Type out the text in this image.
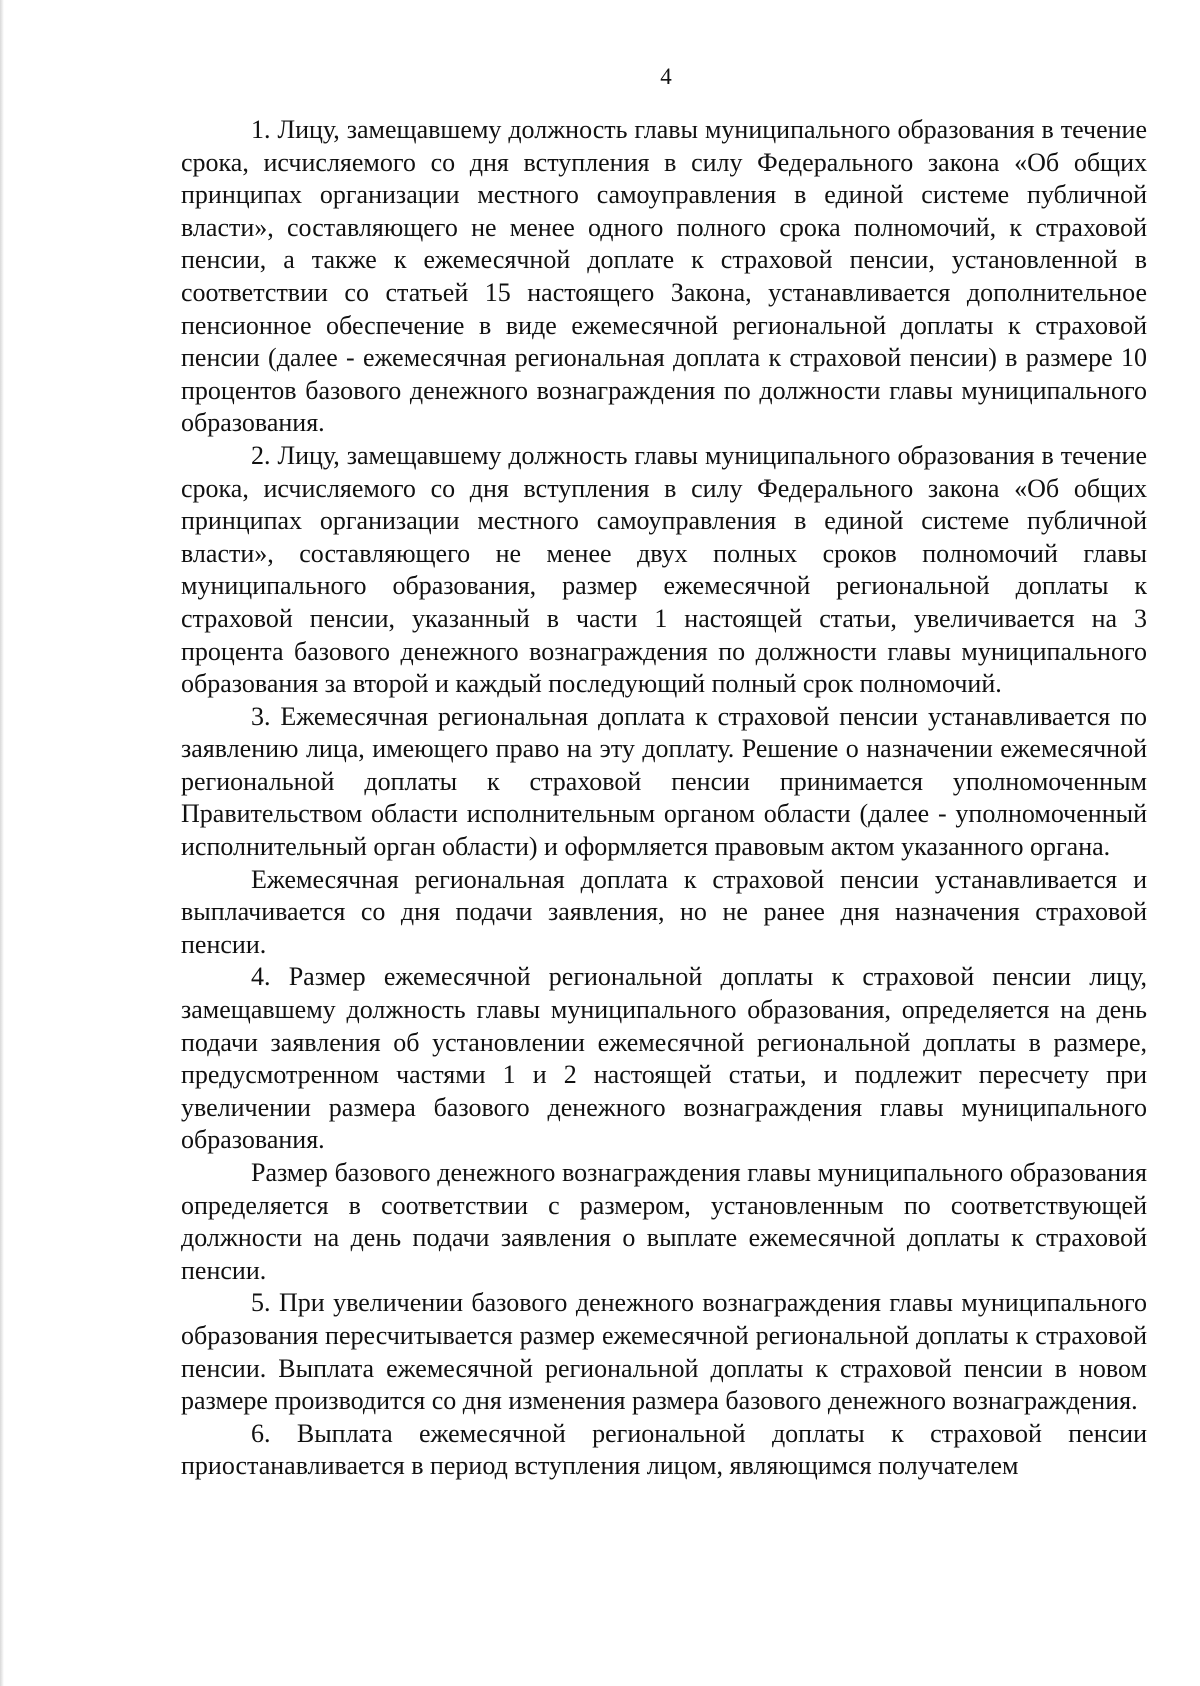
4

1. Лицу, замещавшему должность главы муниципального образования в течение срока, исчисляемого со дня вступления в силу Федерального закона «Об общих принципах организации местного самоуправления в единой системе публичной власти», составляющего не менее одного полного срока полномочий, к страховой пенсии, а также к ежемесячной доплате к страховой пенсии, установленной в соответствии со статьей 15 настоящего Закона, устанавливается дополнительное пенсионное обеспечение в виде ежемесячной региональной доплаты к страховой пенсии (далее - ежемесячная региональная доплата к страховой пенсии) в размере 10 процентов базового денежного вознаграждения по должности главы муниципального образования.

2. Лицу, замещавшему должность главы муниципального образования в течение срока, исчисляемого со дня вступления в силу Федерального закона «Об общих принципах организации местного самоуправления в единой системе публичной власти», составляющего не менее двух полных сроков полномочий главы муниципального образования, размер ежемесячной региональной доплаты к страховой пенсии, указанный в части 1 настоящей статьи, увеличивается на 3 процента базового денежного вознаграждения по должности главы муниципального образования за второй и каждый последующий полный срок полномочий.

3. Ежемесячная региональная доплата к страховой пенсии устанавливается по заявлению лица, имеющего право на эту доплату. Решение о назначении ежемесячной региональной доплаты к страховой пенсии принимается уполномоченным Правительством области исполнительным органом области (далее - уполномоченный исполнительный орган области) и оформляется правовым актом указанного органа.

Ежемесячная региональная доплата к страховой пенсии устанавливается и выплачивается со дня подачи заявления, но не ранее дня назначения страховой пенсии.

4. Размер ежемесячной региональной доплаты к страховой пенсии лицу, замещавшему должность главы муниципального образования, определяется на день подачи заявления об установлении ежемесячной региональной доплаты в размере, предусмотренном частями 1 и 2 настоящей статьи, и подлежит пересчету при увеличении размера базового денежного вознаграждения главы муниципального образования.

Размер базового денежного вознаграждения главы муниципального образования определяется в соответствии с размером, установленным по соответствующей должности на день подачи заявления о выплате ежемесячной доплаты к страховой пенсии.

5. При увеличении базового денежного вознаграждения главы муниципального образования пересчитывается размер ежемесячной региональной доплаты к страховой пенсии. Выплата ежемесячной региональной доплаты к страховой пенсии в новом размере производится со дня изменения размера базового денежного вознаграждения.

6. Выплата ежемесячной региональной доплаты к страховой пенсии приостанавливается в период вступления лицом, являющимся получателем
